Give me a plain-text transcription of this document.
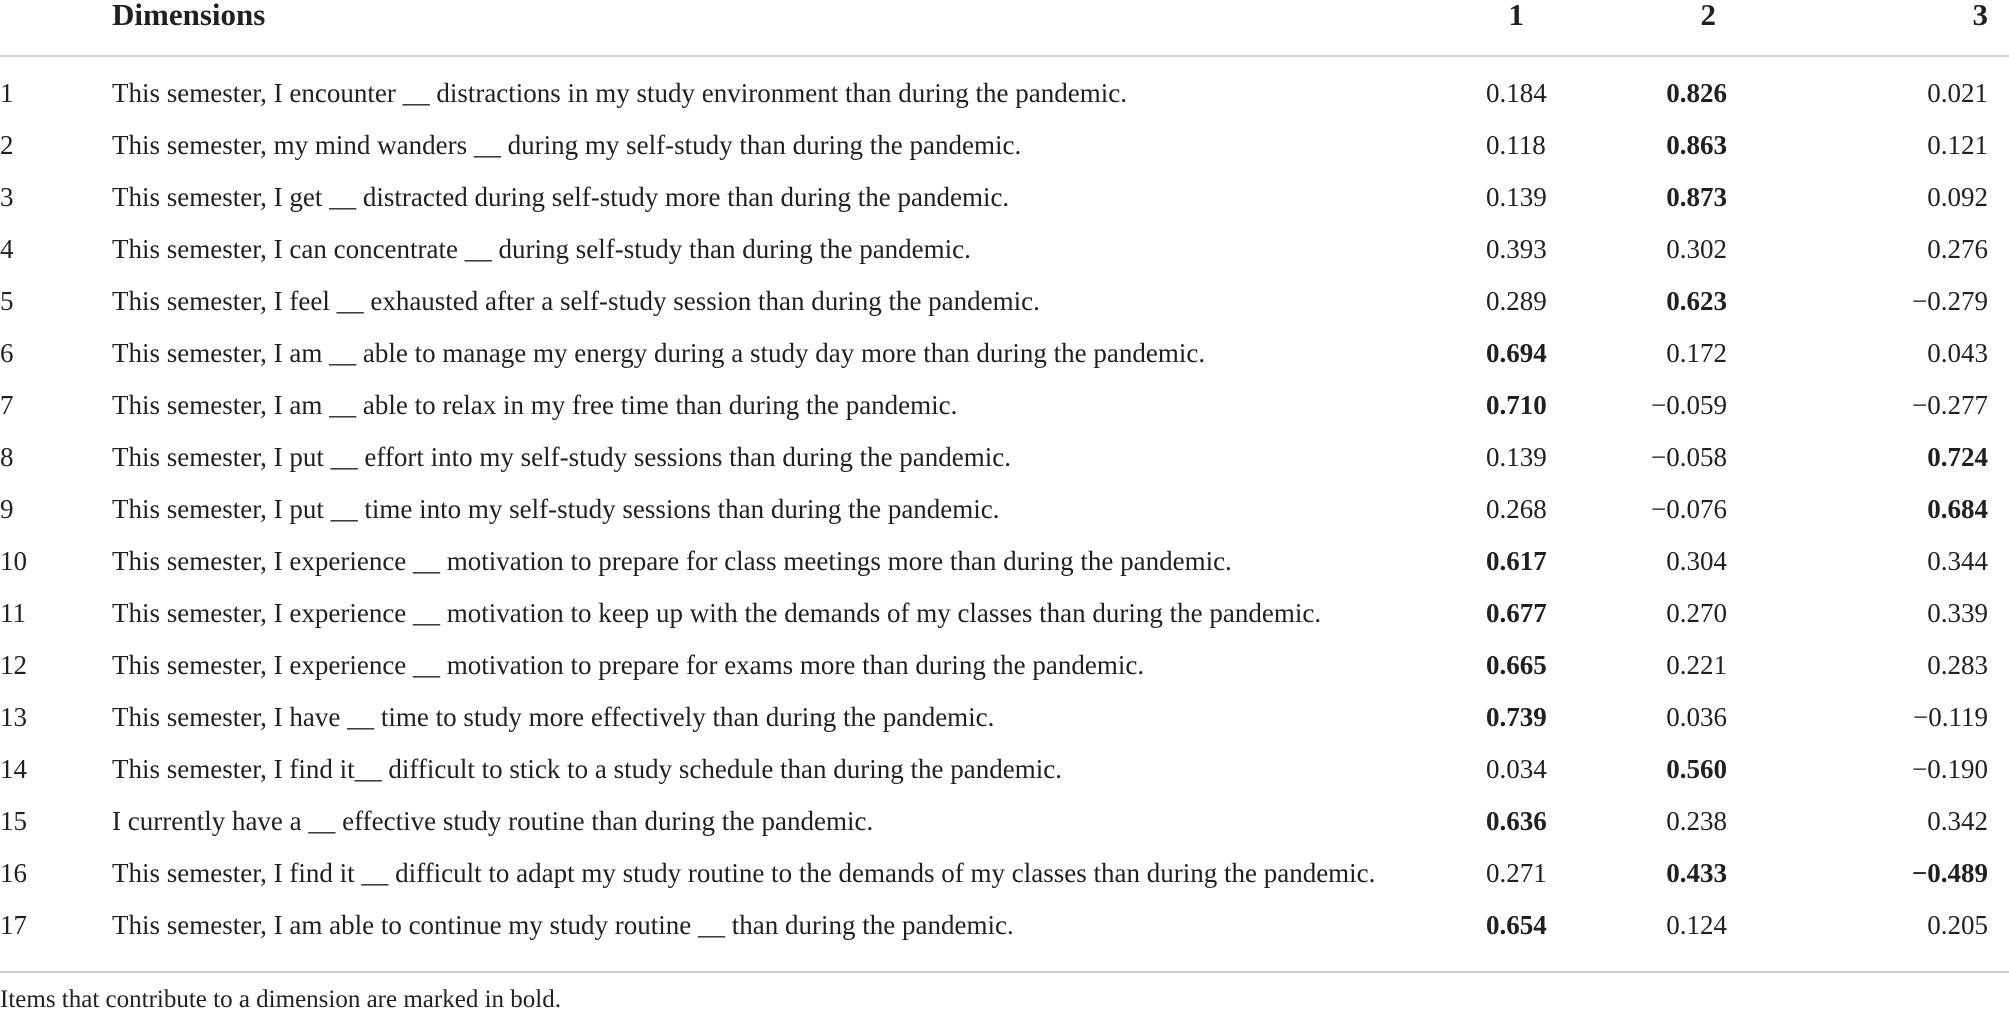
	Dimensions	1	2	3
1	This semester, I encounter __ distractions in my study environment than during the pandemic.	0.184	0.826	0.021
2	This semester, my mind wanders __ during my self-study than during the pandemic.	0.118	0.863	0.121
3	This semester, I get __ distracted during self-study more than during the pandemic.	0.139	0.873	0.092
4	This semester, I can concentrate __ during self-study than during the pandemic.	0.393	0.302	0.276
5	This semester, I feel __ exhausted after a self-study session than during the pandemic.	0.289	0.623	−0.279
6	This semester, I am __ able to manage my energy during a study day more than during the pandemic.	0.694	0.172	0.043
7	This semester, I am __ able to relax in my free time than during the pandemic.	0.710	−0.059	−0.277
8	This semester, I put __ effort into my self-study sessions than during the pandemic.	0.139	−0.058	0.724
9	This semester, I put __ time into my self-study sessions than during the pandemic.	0.268	−0.076	0.684
10	This semester, I experience __ motivation to prepare for class meetings more than during the pandemic.	0.617	0.304	0.344
11	This semester, I experience __ motivation to keep up with the demands of my classes than during the pandemic.	0.677	0.270	0.339
12	This semester, I experience __ motivation to prepare for exams more than during the pandemic.	0.665	0.221	0.283
13	This semester, I have __ time to study more effectively than during the pandemic.	0.739	0.036	−0.119
14	This semester, I find it__ difficult to stick to a study schedule than during the pandemic.	0.034	0.560	−0.190
15	I currently have a __ effective study routine than during the pandemic.	0.636	0.238	0.342
16	This semester, I find it __ difficult to adapt my study routine to the demands of my classes than during the pandemic.	0.271	0.433	−0.489
17	This semester, I am able to continue my study routine __ than during the pandemic.	0.654	0.124	0.205
Items that contribute to a dimension are marked in bold.
